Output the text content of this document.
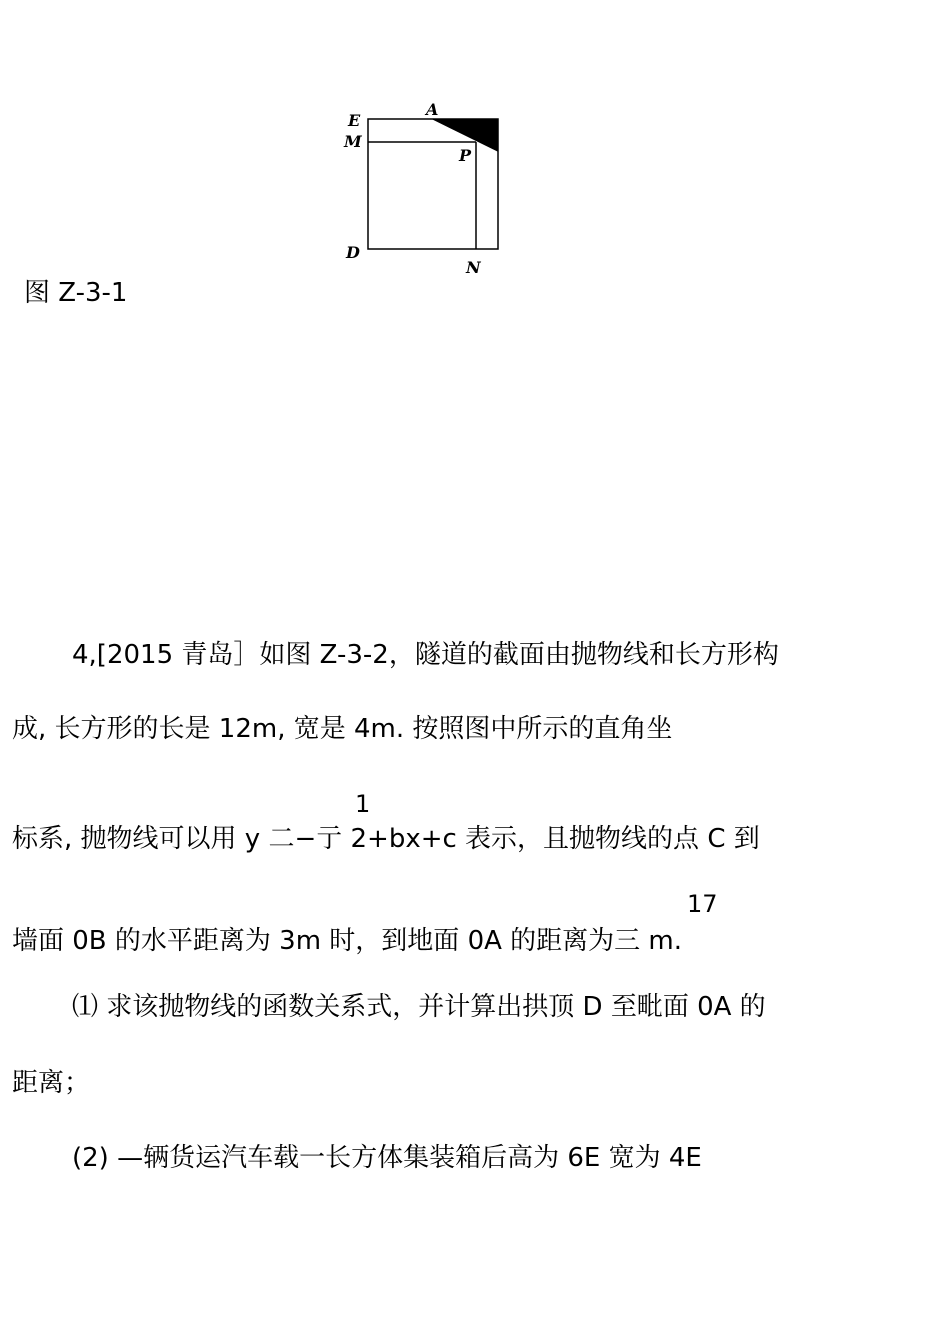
E
A
M
P
D
N
图 Z-3-1
4,[2015 青岛］如图 Z-3-2，隧道的截面由抛物线和长方形构
成, 长方形的长是 12m, 宽是 4m. 按照图中所示的直角坐
1
标系, 抛物线可以用 y 二−亍 2+bx+c 表示，且抛物线的点 C 到
17
墙面 0B 的水平距离为 3m 时，到地面 0A 的距离为三 m.
⑴ 求该抛物线的函数关系式，并计算出拱顶 D 至毗面 0A 的
距离；
(2) —辆货运汽车载一长方体集装箱后高为 6E 宽为 4E
